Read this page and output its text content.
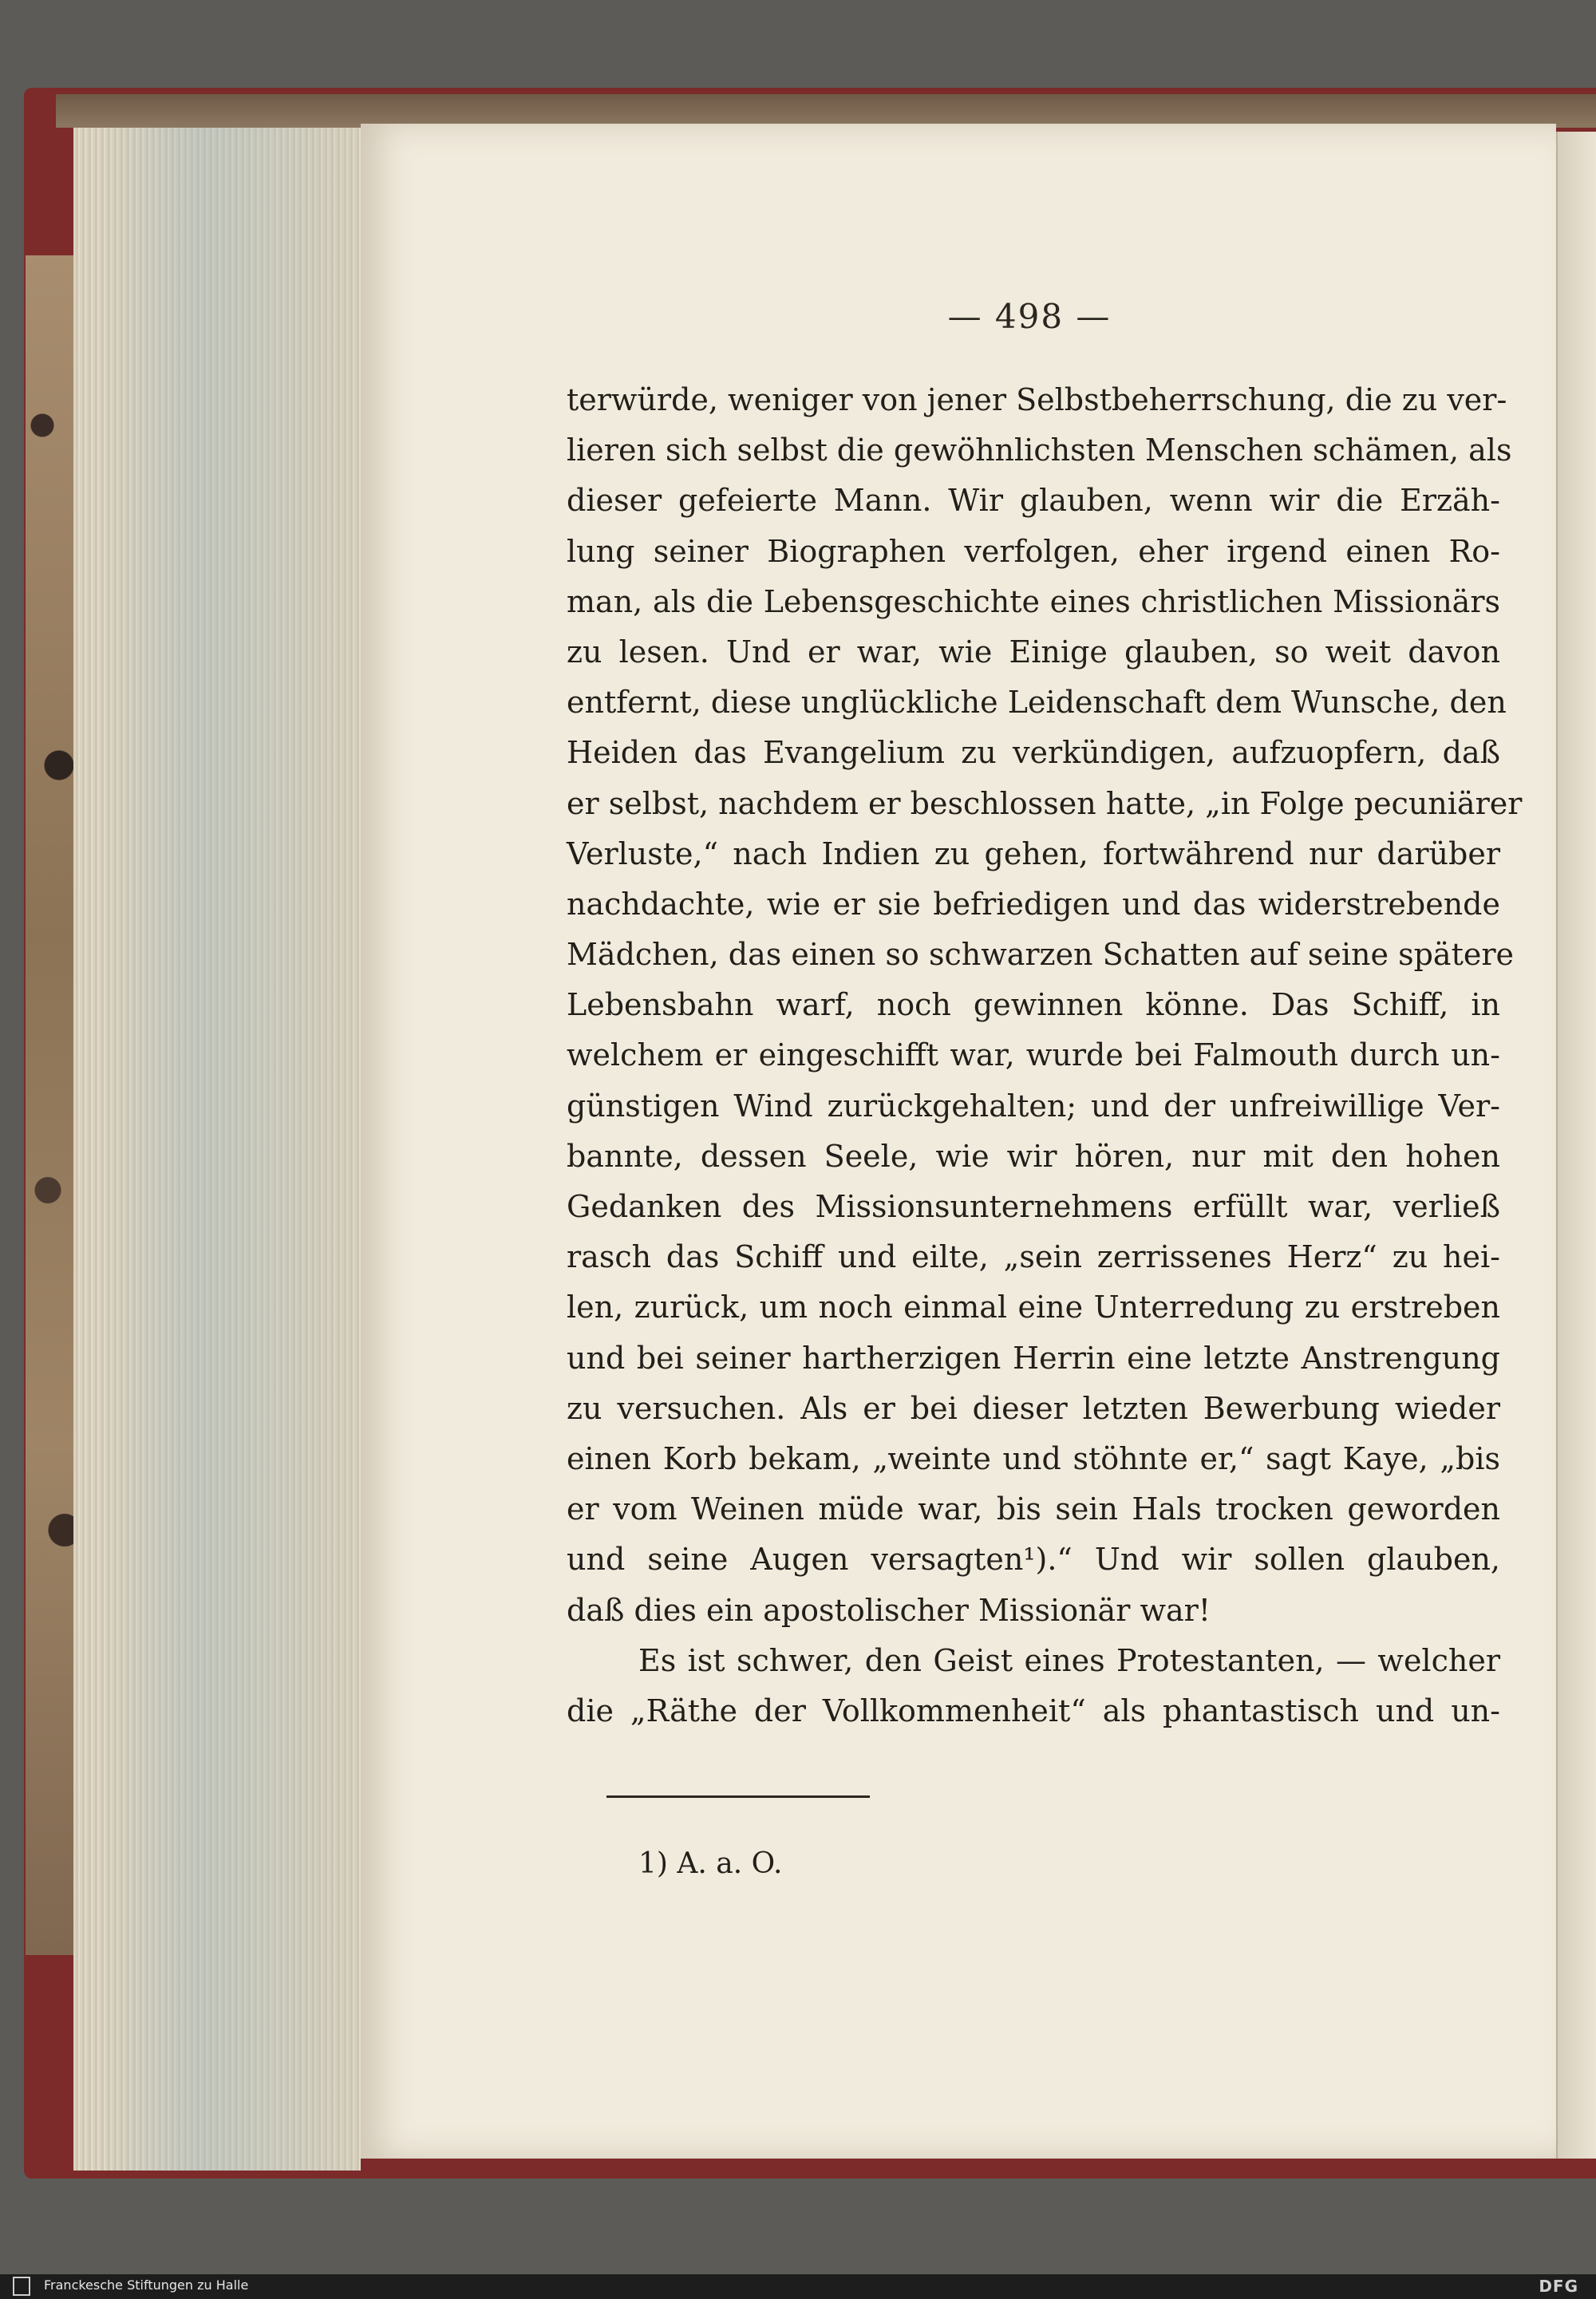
— 498 —
terwürde, weniger von jener Selbstbeherrschung, die zu ver-
lieren sich selbst die gewöhnlichsten Menschen schämen, als
dieser gefeierte Mann. Wir glauben, wenn wir die Erzäh-
lung seiner Biographen verfolgen, eher irgend einen Ro-
man, als die Lebensgeschichte eines christlichen Missionärs
zu lesen. Und er war, wie Einige glauben, so weit davon
entfernt, diese unglückliche Leidenschaft dem Wunsche, den
Heiden das Evangelium zu verkündigen, aufzuopfern, daß
er selbst, nachdem er beschlossen hatte, „in Folge pecuniärer
Verluste,“ nach Indien zu gehen, fortwährend nur darüber
nachdachte, wie er sie befriedigen und das widerstrebende
Mädchen, das einen so schwarzen Schatten auf seine spätere
Lebensbahn warf, noch gewinnen könne. Das Schiff, in
welchem er eingeschifft war, wurde bei Falmouth durch un-
günstigen Wind zurückgehalten; und der unfreiwillige Ver-
bannte, dessen Seele, wie wir hören, nur mit den hohen
Gedanken des Missionsunternehmens erfüllt war, verließ
rasch das Schiff und eilte, „sein zerrissenes Herz“ zu hei-
len, zurück, um noch einmal eine Unterredung zu erstreben
und bei seiner hartherzigen Herrin eine letzte Anstrengung
zu versuchen. Als er bei dieser letzten Bewerbung wieder
einen Korb bekam, „weinte und stöhnte er,“ sagt Kaye, „bis
er vom Weinen müde war, bis sein Hals trocken geworden
und seine Augen versagten¹).“ Und wir sollen glauben,
daß dies ein apostolischer Missionär war!
Es ist schwer, den Geist eines Protestanten, — welcher
die „Räthe der Vollkommenheit“ als phantastisch und un-
1) A. a. O.
Franckesche Stiftungen zu Halle	DFG
